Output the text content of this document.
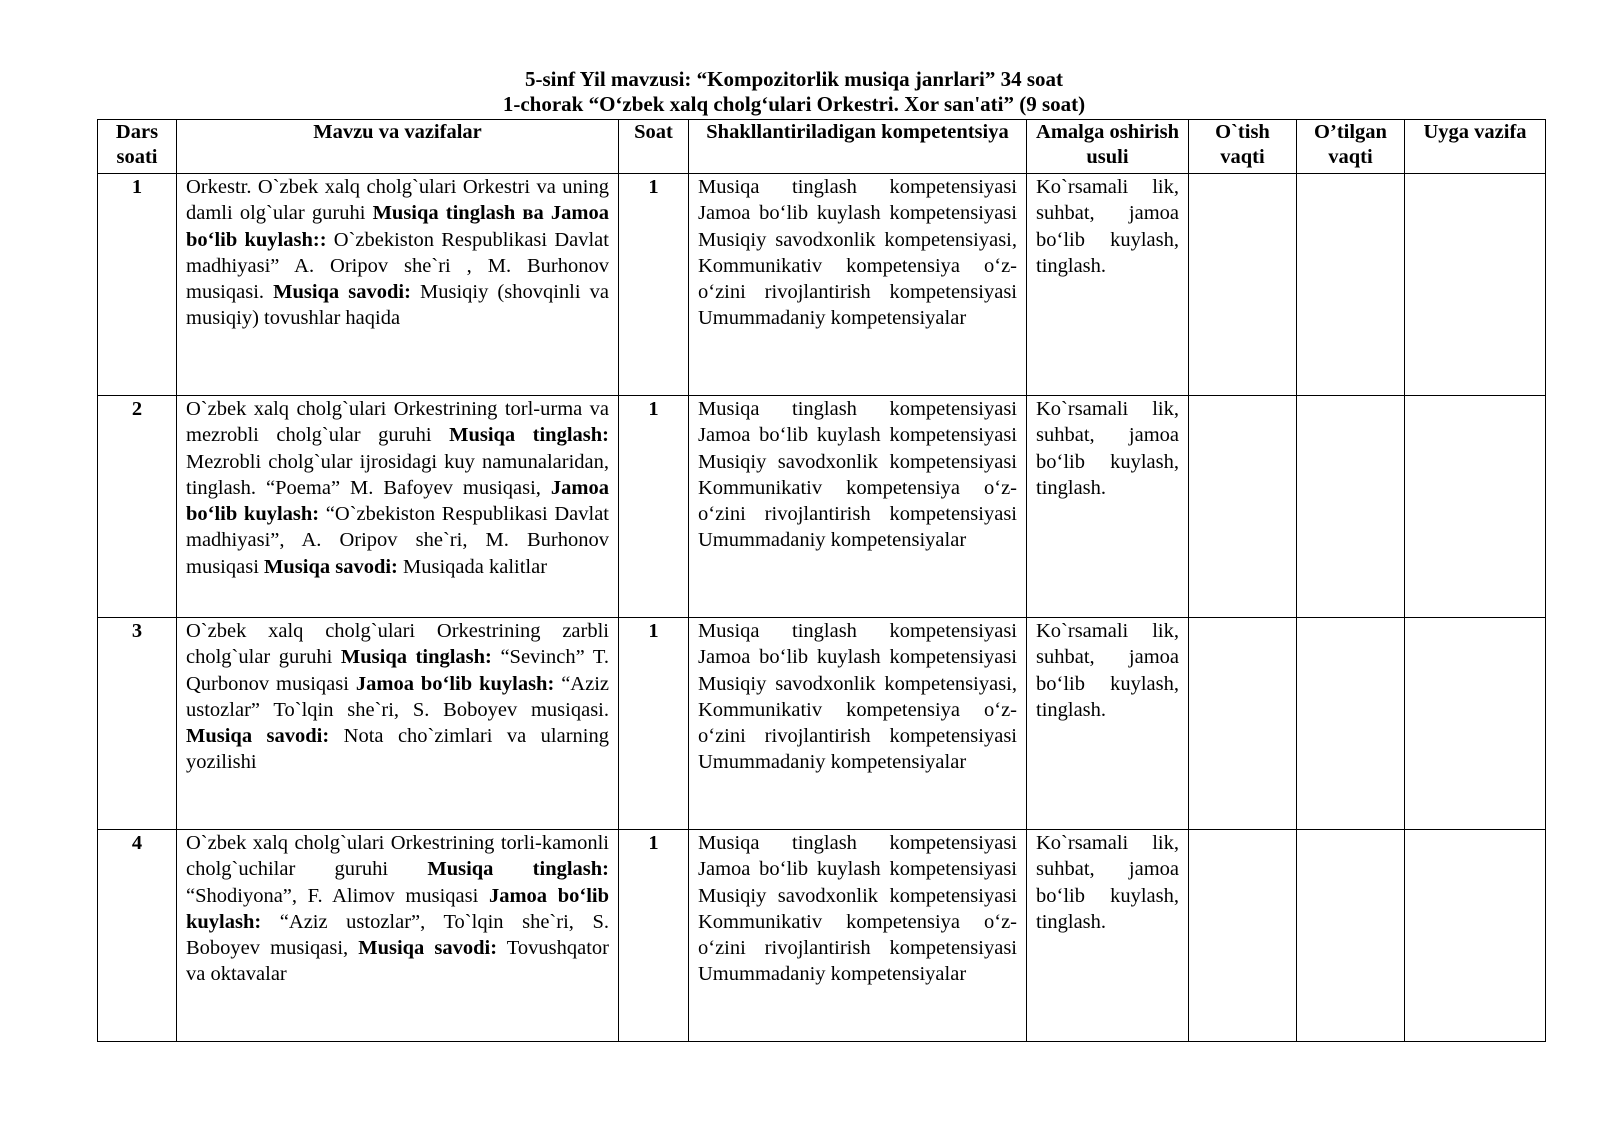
5-sinf Yil mavzusi: “Kompozitorlik musiqa janrlari” 34 soat
1-chorak “O‘zbek xalq cholg‘ulari Orkestri. Xor san'ati” (9 soat)
Dars soati	Mavzu va vazifalar	Soat	Shakllantiriladigan kompetentsiya	Amalga oshirish usuli	O`tish vaqti	O’tilgan vaqti	Uyga vazifa
1	Orkestr. O`zbek xalq cholg`ulari Orkestri va uning damli olg`ular guruhi Musiqa tinglash ва Jamoa bo‘lib kuylash:: O`zbekiston Respublikasi Davlat madhiyasi” A. Oripov she`ri , M. Burhonov musiqasi. Musiqa savodi: Musiqiy (shovqinli va musiqiy) tovushlar haqida	1	Musiqa tinglash kompetensiyasi Jamoa bo‘lib kuylash kompetensiyasi Musiqiy savodxonlik kompetensiyasi, Kommunikativ kompetensiya o‘z-o‘zini rivojlantirish kompetensiyasi Umummadaniy kompetensiyalar	Ko`rsamali lik, suhbat, jamoa bo‘lib kuylash, tinglash.			
2	O`zbek xalq cholg`ulari Orkestrining torl-urma va mezrobli cholg`ular guruhi Musiqa tinglash: Mezrobli cholg`ular ijrosidagi kuy namunalaridan, tinglash. “Poema” M. Bafoyev musiqasi, Jamoa bo‘lib kuylash: “O`zbekiston Respublikasi Davlat madhiyasi”, A. Oripov she`ri, M. Burhonov musiqasi Musiqa savodi: Musiqada kalitlar	1	Musiqa tinglash kompetensiyasi Jamoa bo‘lib kuylash kompetensiyasi Musiqiy savodxonlik kompetensiyasi Kommunikativ kompetensiya o‘z-o‘zini rivojlantirish kompetensiyasi Umummadaniy kompetensiyalar	Ko`rsamali lik, suhbat, jamoa bo‘lib kuylash, tinglash.			
3	O`zbek xalq cholg`ulari Orkestrining zarbli cholg`ular guruhi Musiqa tinglash: “Sevinch” T. Qurbonov musiqasi Jamoa bo‘lib kuylash: “Aziz ustozlar” To`lqin she`ri, S. Boboyev musiqasi. Musiqa savodi: Nota cho`zimlari va ularning yozilishi	1	Musiqa tinglash kompetensiyasi Jamoa bo‘lib kuylash kompetensiyasi Musiqiy savodxonlik kompetensiyasi, Kommunikativ kompetensiya o‘z-o‘zini rivojlantirish kompetensiyasi Umummadaniy kompetensiyalar	Ko`rsamali lik, suhbat, jamoa bo‘lib kuylash, tinglash.			
4	O`zbek xalq cholg`ulari Orkestrining torli-kamonli cholg`uchilar guruhi Musiqa tinglash: “Shodiyona”, F. Alimov musiqasi Jamoa bo‘lib kuylash: “Aziz ustozlar”, To`lqin she`ri, S. Boboyev musiqasi, Musiqa savodi: Tovushqator va oktavalar	1	Musiqa tinglash kompetensiyasi Jamoa bo‘lib kuylash kompetensiyasi Musiqiy savodxonlik kompetensiyasi Kommunikativ kompetensiya o‘z-o‘zini rivojlantirish kompetensiyasi Umummadaniy kompetensiyalar	Ko`rsamali lik, suhbat, jamoa bo‘lib kuylash, tinglash.			
